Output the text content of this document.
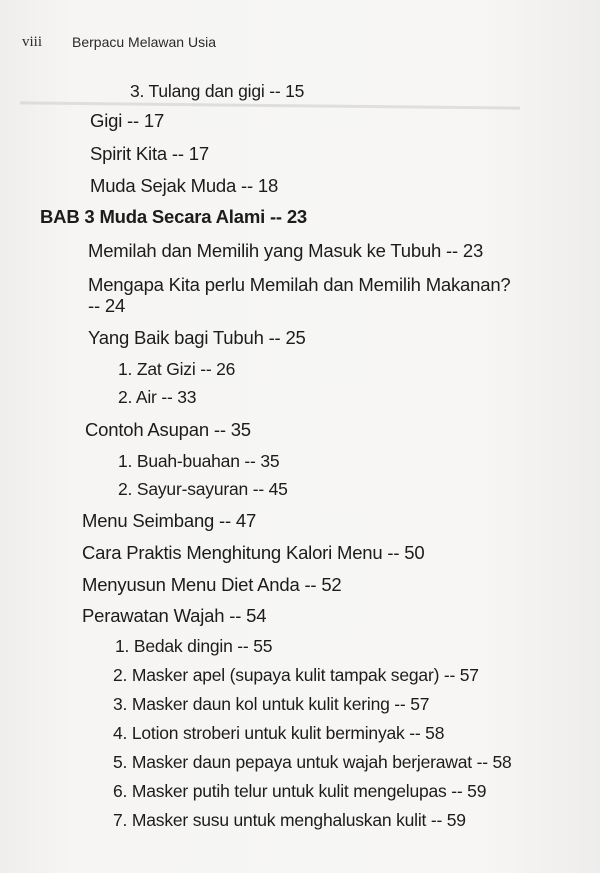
viii Berpacu Melawan Usia
3. Tulang dan gigi -- 15
Gigi -- 17
Spirit Kita -- 17
Muda Sejak Muda -- 18
BAB 3 Muda Secara Alami -- 23
Memilah dan Memilih yang Masuk ke Tubuh -- 23
Mengapa Kita perlu Memilah dan Memilih Makanan?
-- 24
Yang Baik bagi Tubuh -- 25
1. Zat Gizi -- 26
2. Air -- 33
Contoh Asupan -- 35
1. Buah-buahan -- 35
2. Sayur-sayuran -- 45
Menu Seimbang -- 47
Cara Praktis Menghitung Kalori Menu -- 50
Menyusun Menu Diet Anda -- 52
Perawatan Wajah -- 54
1. Bedak dingin -- 55
2. Masker apel (supaya kulit tampak segar) -- 57
3. Masker daun kol untuk kulit kering -- 57
4. Lotion stroberi untuk kulit berminyak -- 58
5. Masker daun pepaya untuk wajah berjerawat -- 58
6. Masker putih telur untuk kulit mengelupas -- 59
7. Masker susu untuk menghaluskan kulit -- 59
